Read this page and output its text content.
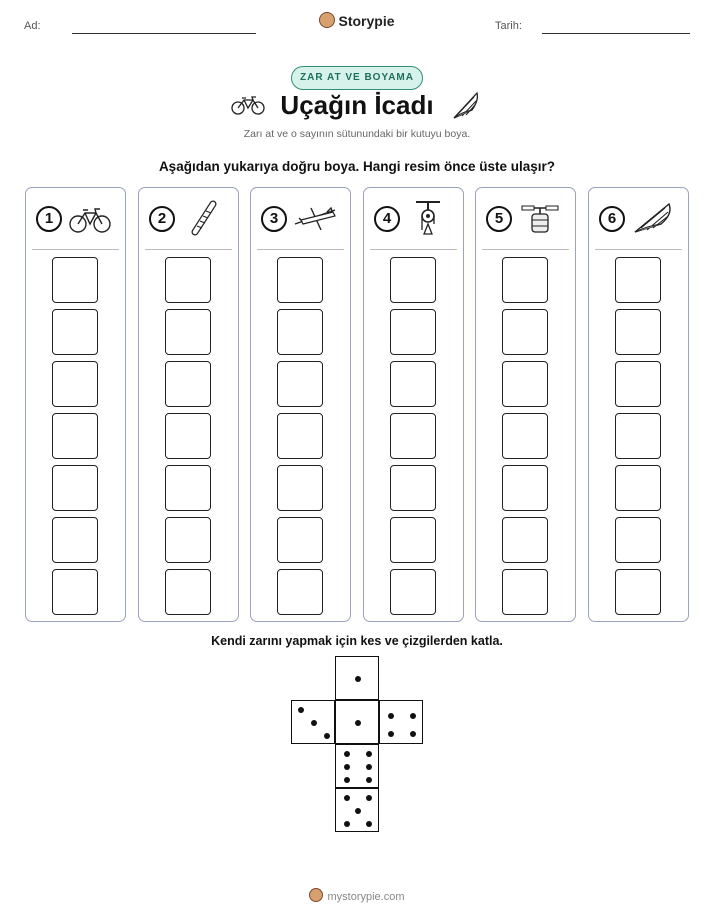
Ad:	Storypie	Tarih:
ZAR AT VE BOYAMA
Uçağın İcadı
Zarı at ve o sayının sütunundaki bir kutuyu boya.
Aşağıdan yukarıya doğru boya. Hangi resim önce üste ulaşır?
1	2	3	4	5	6
Kendi zarını yapmak için kes ve çizgilerden katla.
mystorypie.com
